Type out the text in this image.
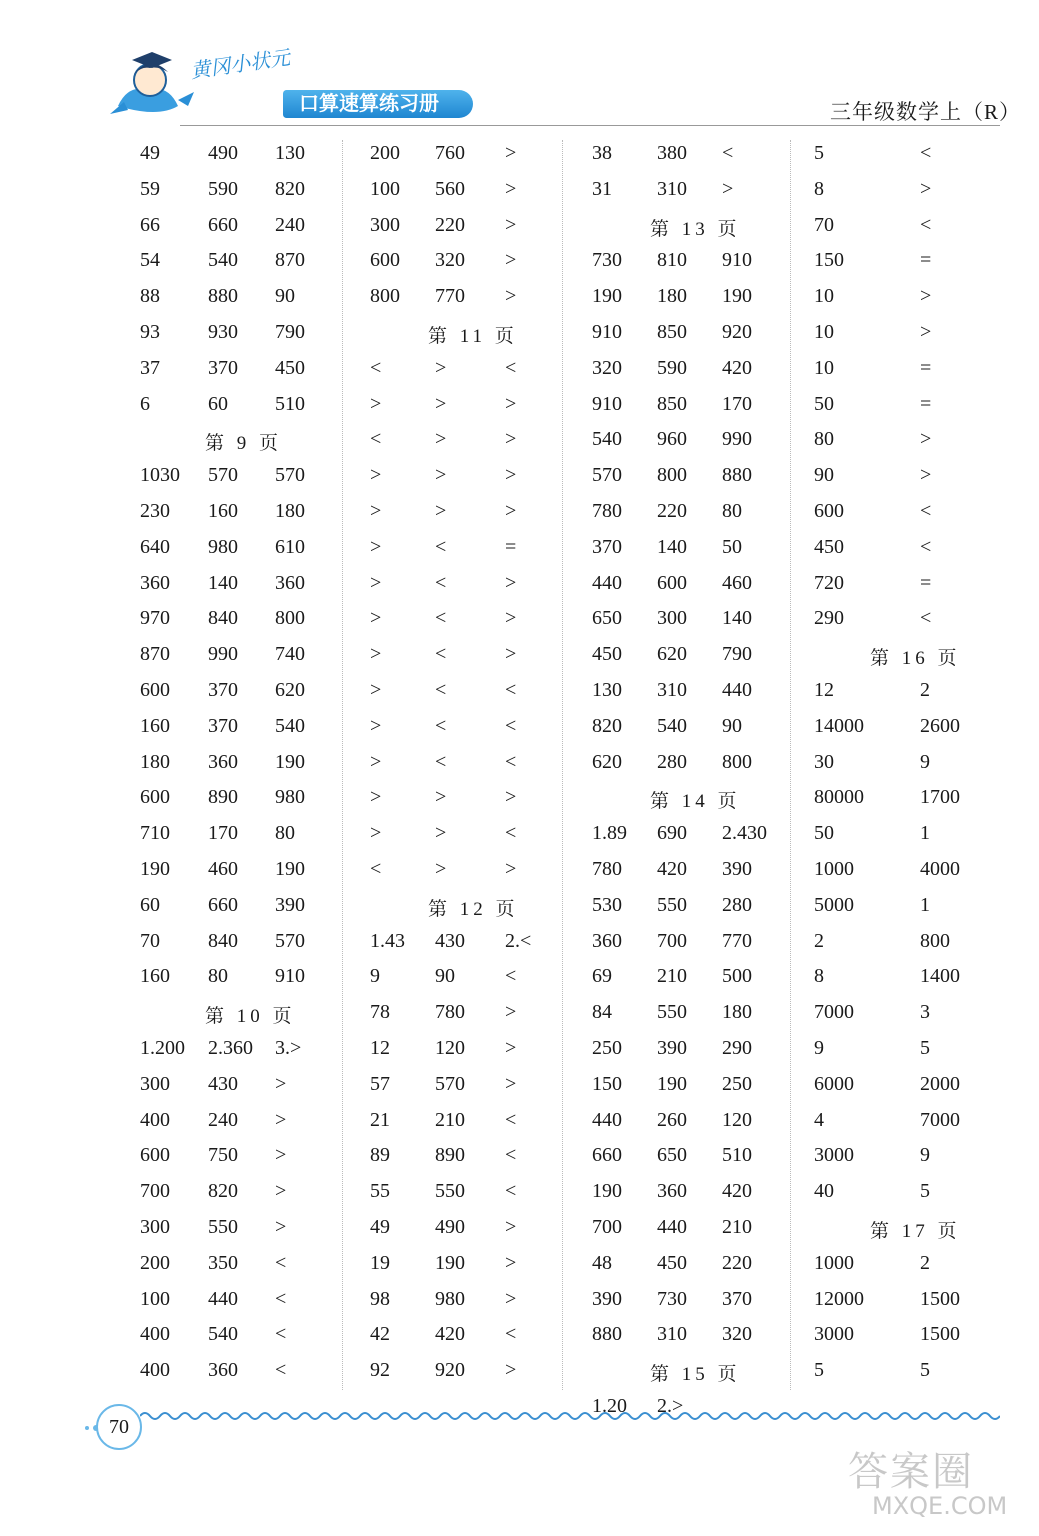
黄冈小状元
口算速算练习册	三年级数学上（R）
49 490 130
59 590 820
66 660 240
54 540 870
88 880 90
93 930 790
37 370 450
6	60 510
第 9 页
1030 570 570
230 160 180
640 980 610
360 140 360
970 840 800
870 990 740
600 370 620
160 370 540
180 360 190
600 890 980
710 170 80
190 460 190
60 660 390
70 840 570
160 80 910
第 10 页
1.200 2.360 3.>
300 430 >
400 240 >
600 750 >
700 820 >
300 550 >
200 350 <
100 440 <
400 540 <
400 360 <
200 760 >
100 560 >
300 220 >
600 320 >
800 770 >
第 11 页
<	>	<
>	>	>
<	>	>
>	>	>
>	>	>
>	<	=
>	<	>
>	<	>
>	<	>
>	<	<
>	<	<
>	<	<
>	>	>
>	>	<
<	>	>
第 12 页
1.43 430 2.<
9	90	<
78 780 >
12 120 >
57 570 >
21 210 <
89 890 <
55 550 <
49 490 >
19 190 >
98 980 >
42 420 <
92 920 >
38 380 <
31 310 >
第 13 页
730 810 910
190 180 190
910 850 920
320 590 420
910 850 170
540 960 990
570 800 880
780 220 80
370 140 50
440 600 460
650 300 140
450 620 790
130 310 440
820 540 90
620 280 800
第 14 页
1.89 690 2.430
780 420 390
530 550 280
360 700 770
69 210 500
84 550 180
250 390 290
150 190 250
440 260 120
660 650 510
190 360 420
700 440 210
48 450 220
390 730 370
880 310 320
第 15 页
1.20 2.>
5	<
8	>
70	<
150	=
10	>
10	>
10	=
50	=
80	>
90	>
600	<
450	<
720	=
290	<
第 16 页
12	2
14000	2600
30	9
80000	1700
50	1
1000	4000
5000	1
2	800
8	1400
7000	3
9	5
6000	2000
4	7000
3000	9
40	5
第 17 页
1000	2
12000	1500
3000	1500
5	5
70
答案圈
MXQE.COM
